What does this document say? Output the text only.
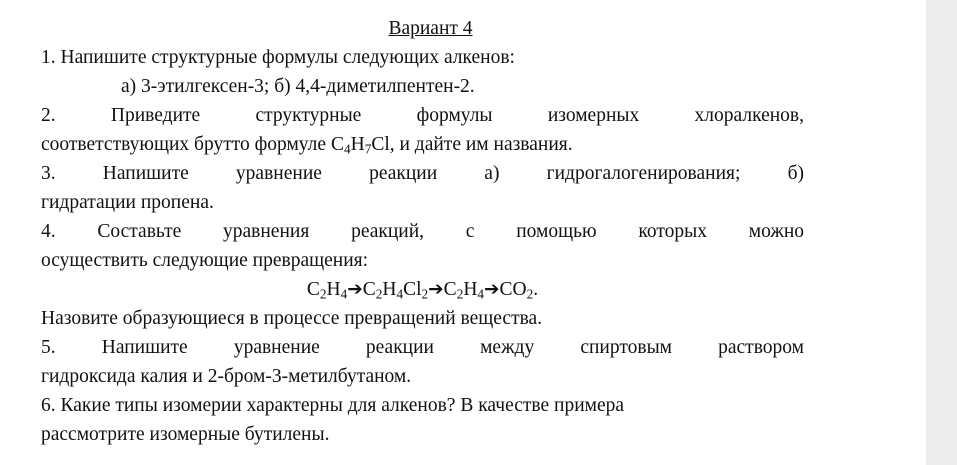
Вариант 4
1. Напишите структурные формулы следующих алкенов:
а) 3-этилгексен-3; б) 4,4-диметилпентен-2.
2. Приведите структурные формулы изомерных хлоралкенов,
соответствующих брутто формуле $С_4Н_7Cl$, и дайте им названия.
3. Напишите уравнение реакции а) гидрогалогенирования; б)
гидратации пропена.
4. Составьте уравнения реакций, с помощью которых можно
осуществить следующие превращения:
$С_2Н_4➔С_2Н_4Cl_2➔С_2Н_4➔СО_2$.
Назовите образующиеся в процессе превращений вещества.
5. Напишите уравнение реакции между спиртовым раствором
гидроксида калия и 2-бром-3-метилбутаном.
6. Какие типы изомерии характерны для алкенов? В качестве примера
рассмотрите изомерные бутилены.
